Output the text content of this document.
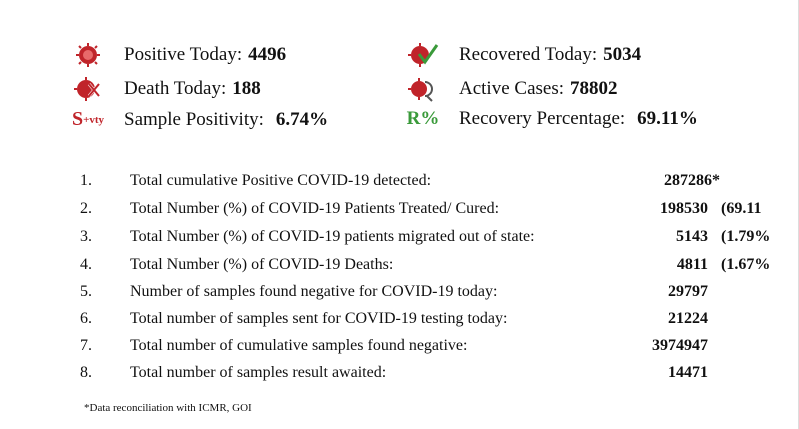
Positive Today: 4496
Death Today: 188
S +vty Sample Positivity: 6.74%
Recovered Today: 5034
Active Cases: 78802
R% Recovery Percentage: 69.11%
1. Total cumulative Positive COVID-19 detected:	287286*
2. Total Number (%) of COVID-19 Patients Treated/ Cured:	198530 (69.11
3. Total Number (%) of COVID-19 patients migrated out of state:	5143 (1.79%
4. Total Number (%) of COVID-19 Deaths:	4811 (1.67%
5. Number of samples found negative for COVID-19 today:	29797
6. Total number of samples sent for COVID-19 testing today:	21224
7. Total number of cumulative samples found negative:	3974947
8. Total number of samples result awaited:	14471
*Data reconciliation with ICMR, GOI
